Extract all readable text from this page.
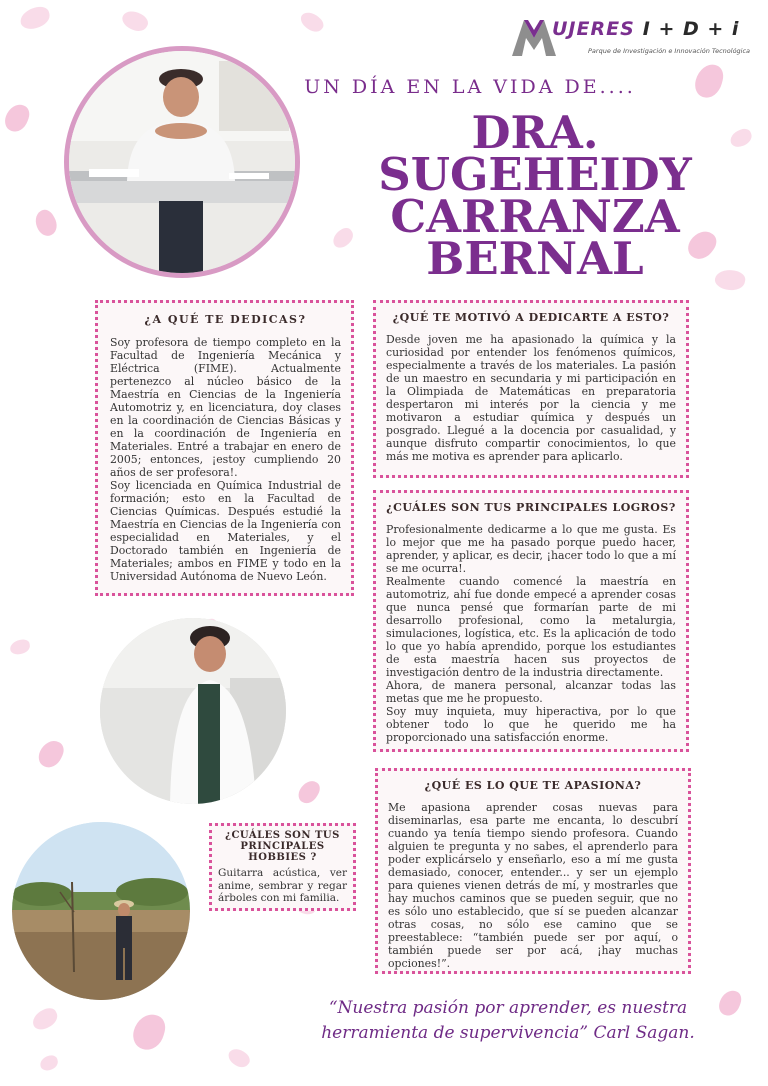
UJERES I + D + i
Parque de Investigación e Innovación Tecnológica
UN DÍA EN LA VIDA DE....
DRA.
SUGEHEIDY
CARRANZA
BERNAL
¿A QUÉ TE DEDICAS?

Soy profesora de tiempo completo en la Facultad de Ingeniería Mecánica y Eléctrica (FIME). Actualmente pertenezco al núcleo básico de la Maestría en Ciencias de la Ingeniería Automotriz y, en licenciatura, doy clases en la coordinación de Ciencias Básicas y en la coordinación de Ingeniería en Materiales. Entré a trabajar en enero de 2005; entonces, ¡estoy cumpliendo 20 años de ser profesora!.

Soy licenciada en Química Industrial de formación; esto en la Facultad de Ciencias Químicas. Después estudié la Maestría en Ciencias de la Ingeniería con especialidad en Materiales, y el Doctorado también en Ingeniería de Materiales; ambos en FIME y todo en la Universidad Autónoma de Nuevo León.

¿QUÉ TE MOTIVÓ A DEDICARTE A ESTO?

Desde joven me ha apasionado la química y la curiosidad por entender los fenómenos químicos, especialmente a través de los materiales. La pasión de un maestro en secundaria y mi participación en la Olimpiada de Matemáticas en preparatoria despertaron mi interés por la ciencia y me motivaron a estudiar química y después un posgrado. Llegué a la docencia por casualidad, y aunque disfruto compartir conocimientos, lo que más me motiva es aprender para aplicarlo.

¿CUÁLES SON TUS PRINCIPALES LOGROS?

Profesionalmente dedicarme a lo que me gusta. Es lo mejor que me ha pasado porque puedo hacer, aprender, y aplicar, es decir, ¡hacer todo lo que a mí se me ocurra!.

Realmente cuando comencé la maestría en automotriz, ahí fue donde empecé a aprender cosas que nunca pensé que formarían parte de mi desarrollo profesional, como la metalurgia, simulaciones, logística, etc. Es la aplicación de todo lo que yo había aprendido, porque los estudiantes de esta maestría hacen sus proyectos de investigación dentro de la industria directamente.

Ahora, de manera personal, alcanzar todas las metas que me he propuesto.

Soy muy inquieta, muy hiperactiva, por lo que obtener todo lo que he querido me ha proporcionado una satisfacción enorme.

¿QUÉ ES LO QUE TE APASIONA?

Me apasiona aprender cosas nuevas para diseminarlas, esa parte me encanta, lo descubrí cuando ya tenía tiempo siendo profesora. Cuando alguien te pregunta y no sabes, el aprenderlo para poder explicárselo y enseñarlo, eso a mí me gusta demasiado, conocer, entender... y ser un ejemplo para quienes vienen detrás de mí, y mostrarles que hay muchos caminos que se pueden seguir, que no es sólo uno establecido, que sí se pueden alcanzar otras cosas, no sólo ese camino que se preestablece: “también puede ser por aquí, o también puede ser por acá, ¡hay muchas opciones!”.

¿CUÁLES SON TUS
PRINCIPALES HOBBIES ?

Guitarra acústica, ver anime, sembrar y regar árboles con mi familia.

“Nuestra pasión por aprender, es nuestra
herramienta de supervivencia” Carl Sagan.
